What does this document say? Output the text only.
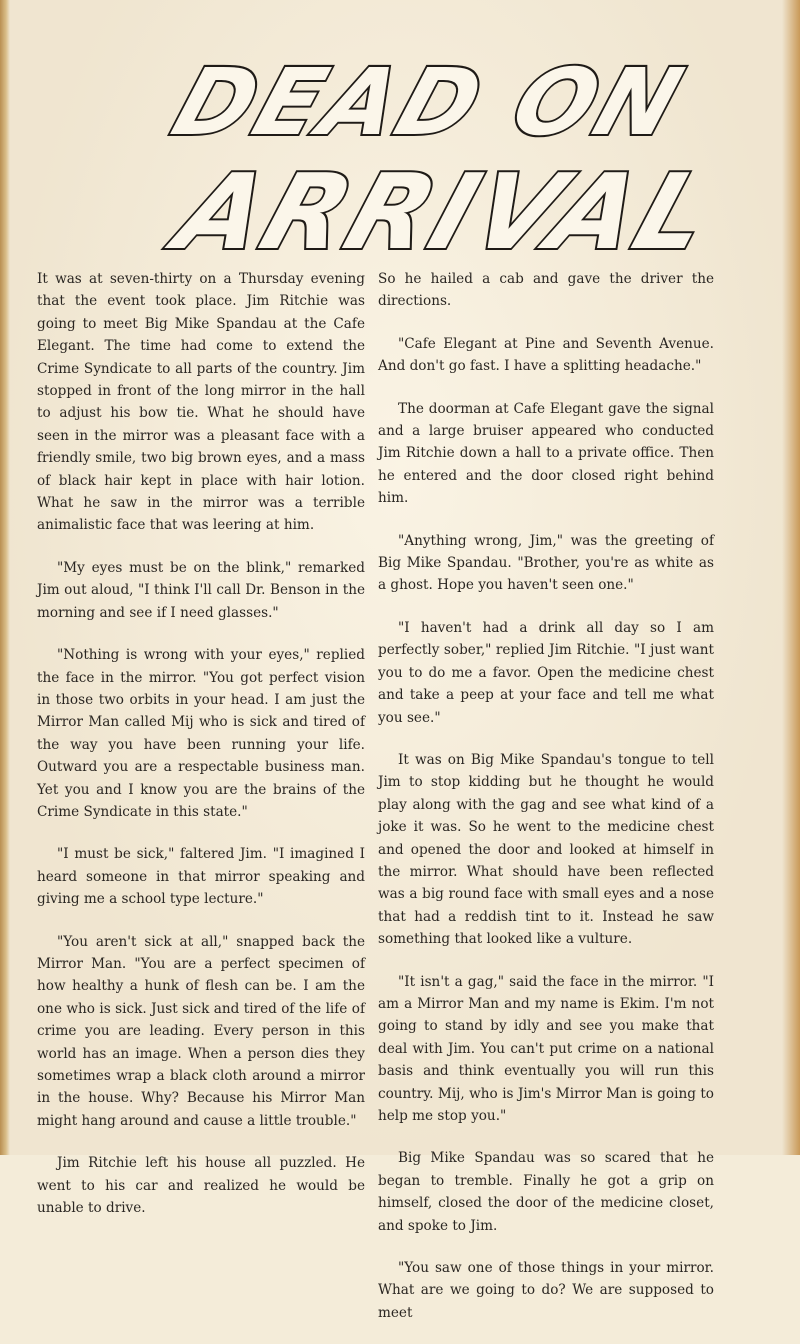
DEAD ON
ARRIVAL

It was at seven-thirty on a Thursday evening that the event took place. Jim Ritchie was going to meet Big Mike Spandau at the Cafe Elegant. The time had come to extend the Crime Syndicate to all parts of the country. Jim stopped in front of the long mirror in the hall to adjust his bow tie. What he should have seen in the mirror was a pleasant face with a friendly smile, two big brown eyes, and a mass of black hair kept in place with hair lotion. What he saw in the mirror was a terrible animalistic face that was leering at him.

"My eyes must be on the blink," remarked Jim out aloud, "I think I'll call Dr. Benson in the morning and see if I need glasses."

"Nothing is wrong with your eyes," replied the face in the mirror. "You got perfect vision in those two orbits in your head. I am just the Mirror Man called Mij who is sick and tired of the way you have been running your life. Outward you are a respectable business man. Yet you and I know you are the brains of the Crime Syndicate in this state."

"I must be sick," faltered Jim. "I imagined I heard someone in that mirror speaking and giving me a school type lecture."

"You aren't sick at all," snapped back the Mirror Man. "You are a perfect specimen of how healthy a hunk of flesh can be. I am the one who is sick. Just sick and tired of the life of crime you are leading. Every person in this world has an image. When a person dies they sometimes wrap a black cloth around a mirror in the house. Why? Because his Mirror Man might hang around and cause a little trouble."

Jim Ritchie left his house all puzzled. He went to his car and realized he would be unable to drive.

So he hailed a cab and gave the driver the directions.

"Cafe Elegant at Pine and Seventh Avenue. And don't go fast. I have a splitting headache."

The doorman at Cafe Elegant gave the signal and a large bruiser appeared who conducted Jim Ritchie down a hall to a private office. Then he entered and the door closed right behind him.

"Anything wrong, Jim," was the greeting of Big Mike Spandau. "Brother, you're as white as a ghost. Hope you haven't seen one."

"I haven't had a drink all day so I am perfectly sober," replied Jim Ritchie. "I just want you to do me a favor. Open the medicine chest and take a peep at your face and tell me what you see."

It was on Big Mike Spandau's tongue to tell Jim to stop kidding but he thought he would play along with the gag and see what kind of a joke it was. So he went to the medicine chest and opened the door and looked at himself in the mirror. What should have been reflected was a big round face with small eyes and a nose that had a reddish tint to it. Instead he saw something that looked like a vulture.

"It isn't a gag," said the face in the mirror. "I am a Mirror Man and my name is Ekim. I'm not going to stand by idly and see you make that deal with Jim. You can't put crime on a national basis and think eventually you will run this country. Mij, who is Jim's Mirror Man is going to help me stop you."

Big Mike Spandau was so scared that he began to tremble. Finally he got a grip on himself, closed the door of the medicine closet, and spoke to Jim.

"You saw one of those things in your mirror. What are we going to do? We are supposed to meet
